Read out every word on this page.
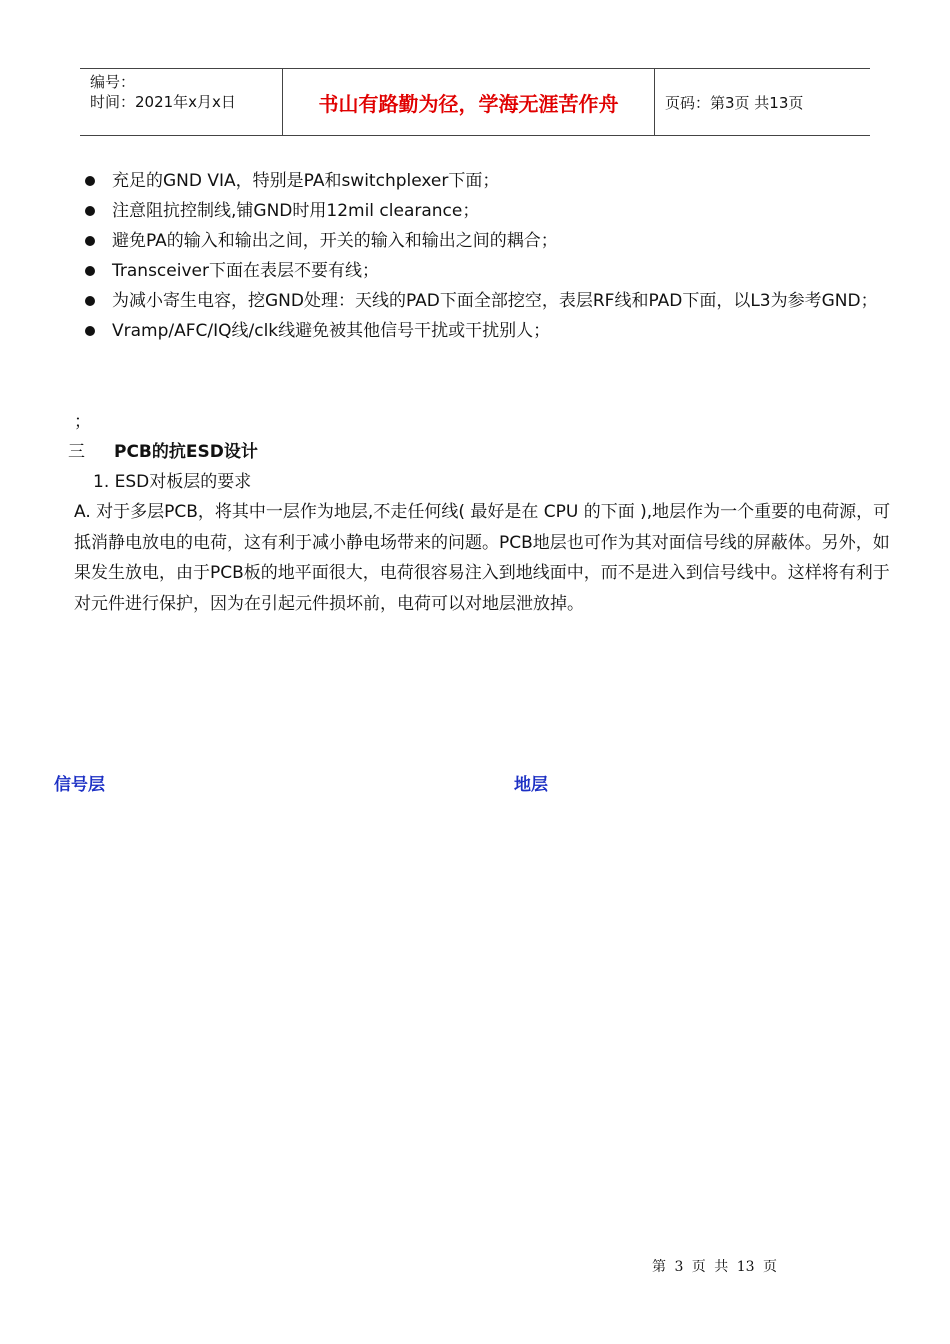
编号：
时间：2021年x月x日	书山有路勤为径，学海无涯苦作舟	页码：第3页 共13页
充足的GND VIA，特别是PA和switchplexer下面；
注意阻抗控制线,铺GND时用12mil clearance；
避免PA的输入和输出之间，开关的输入和输出之间的耦合；
Transceiver下面在表层不要有线；
为减小寄生电容，挖GND处理：天线的PAD下面全部挖空，表层RF线和PAD下面，以L3为参考GND；
Vramp/AFC/IQ线/clk线避免被其他信号干扰或干扰别人；
；
三 PCB的抗ESD设计
1. ESD对板层的要求
A. 对于多层PCB，将其中一层作为地层,不走任何线( 最好是在 CPU 的下面 ),地层作为一个重要的电荷源，可抵消静电放电的电荷，这有利于减小静电场带来的问题。PCB地层也可作为其对面信号线的屏蔽体。另外，如果发生放电，由于PCB板的地平面很大，电荷很容易注入到地线面中，而不是进入到信号线中。这样将有利于对元件进行保护，因为在引起元件损坏前，电荷可以对地层泄放掉。
信号层	地层
第 3 页 共 13 页
